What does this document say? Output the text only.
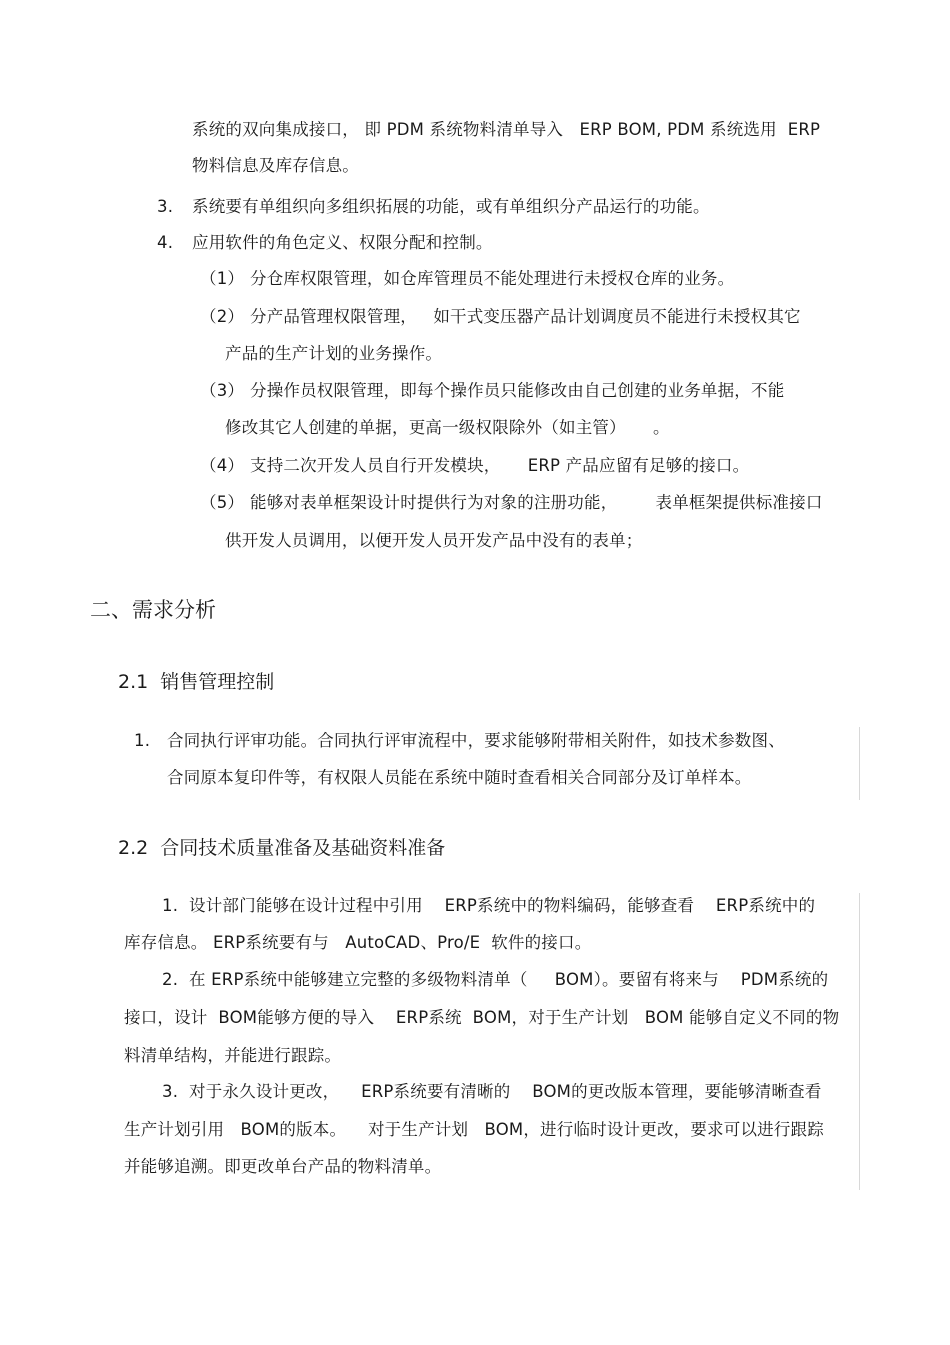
系统的双向集成接口， 即 PDM 系统物料清单导入   ERP BOM, PDM 系统选用  ERP
物料信息及库存信息。
3. 系统要有单组织向多组织拓展的功能，或有单组织分产品运行的功能。
4. 应用软件的角色定义、权限分配和控制。
（1） 分仓库权限管理，如仓库管理员不能处理进行未授权仓库的业务。
（2） 分产品管理权限管理，   如干式变压器产品计划调度员不能进行未授权其它
产品的生产计划的业务操作。
（3） 分操作员权限管理，即每个操作员只能修改由自己创建的业务单据，不能
修改其它人创建的单据，更高一级权限除外（如主管）     。
（4） 支持二次开发人员自行开发模块，     ERP 产品应留有足够的接口。
（5） 能够对表单框架设计时提供行为对象的注册功能，       表单框架提供标准接口
供开发人员调用，以便开发人员开发产品中没有的表单；
二、需求分析
2.1  销售管理控制
1. 合同执行评审功能。合同执行评审流程中，要求能够附带相关附件，如技术参数图、
合同原本复印件等，有权限人员能在系统中随时查看相关合同部分及订单样本。
2.2  合同技术质量准备及基础资料准备
1.  设计部门能够在设计过程中引用    ERP系统中的物料编码，能够查看    ERP系统中的
库存信息。 ERP系统要有与   AutoCAD、Pro/E  软件的接口。
2.  在 ERP系统中能够建立完整的多级物料清单（     BOM）。要留有将来与    PDM系统的
接口，设计  BOM能够方便的导入    ERP系统  BOM，对于生产计划   BOM 能够自定义不同的物
料清单结构，并能进行跟踪。
3.  对于永久设计更改，    ERP系统要有清晰的    BOM的更改版本管理，要能够清晰查看
生产计划引用   BOM的版本。    对于生产计划   BOM，进行临时设计更改，要求可以进行跟踪
并能够追溯。即更改单台产品的物料清单。
